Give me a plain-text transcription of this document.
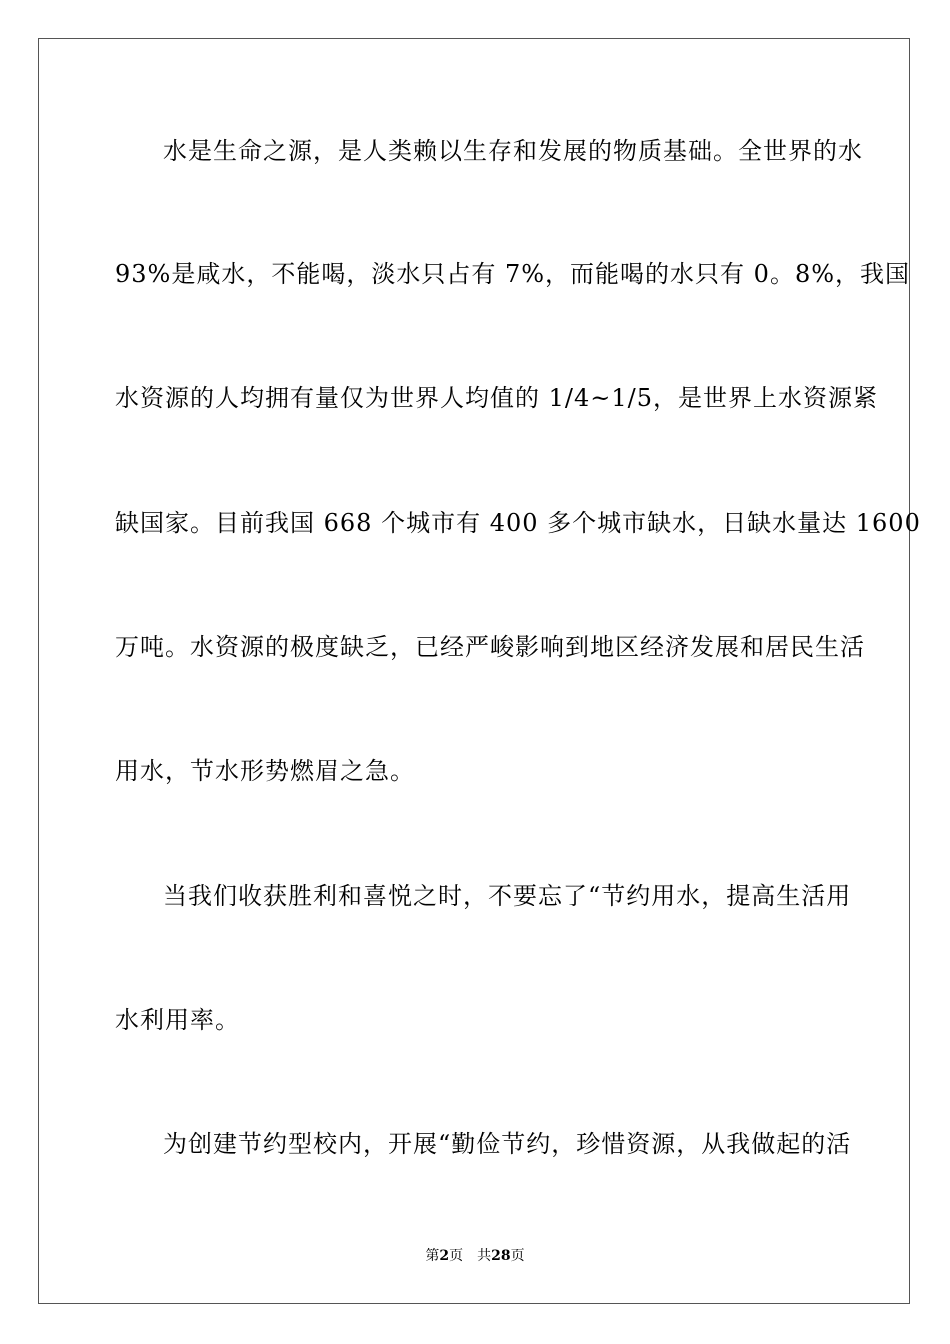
水是生命之源，是人类赖以生存和发展的物质基础。全世界的水
93%是咸水，不能喝，淡水只占有 7%，而能喝的水只有 0。8%，我国
水资源的人均拥有量仅为世界人均值的 1/4~1/5，是世界上水资源紧
缺国家。目前我国 668 个城市有 400 多个城市缺水，日缺水量达 1600
万吨。水资源的极度缺乏，已经严峻影响到地区经济发展和居民生活
用水，节水形势燃眉之急。
当我们收获胜利和喜悦之时，不要忘了“节约用水，提高生活用
水利用率。
为创建节约型校内，开展“勤俭节约，珍惜资源，从我做起的活
第2页 共28页
